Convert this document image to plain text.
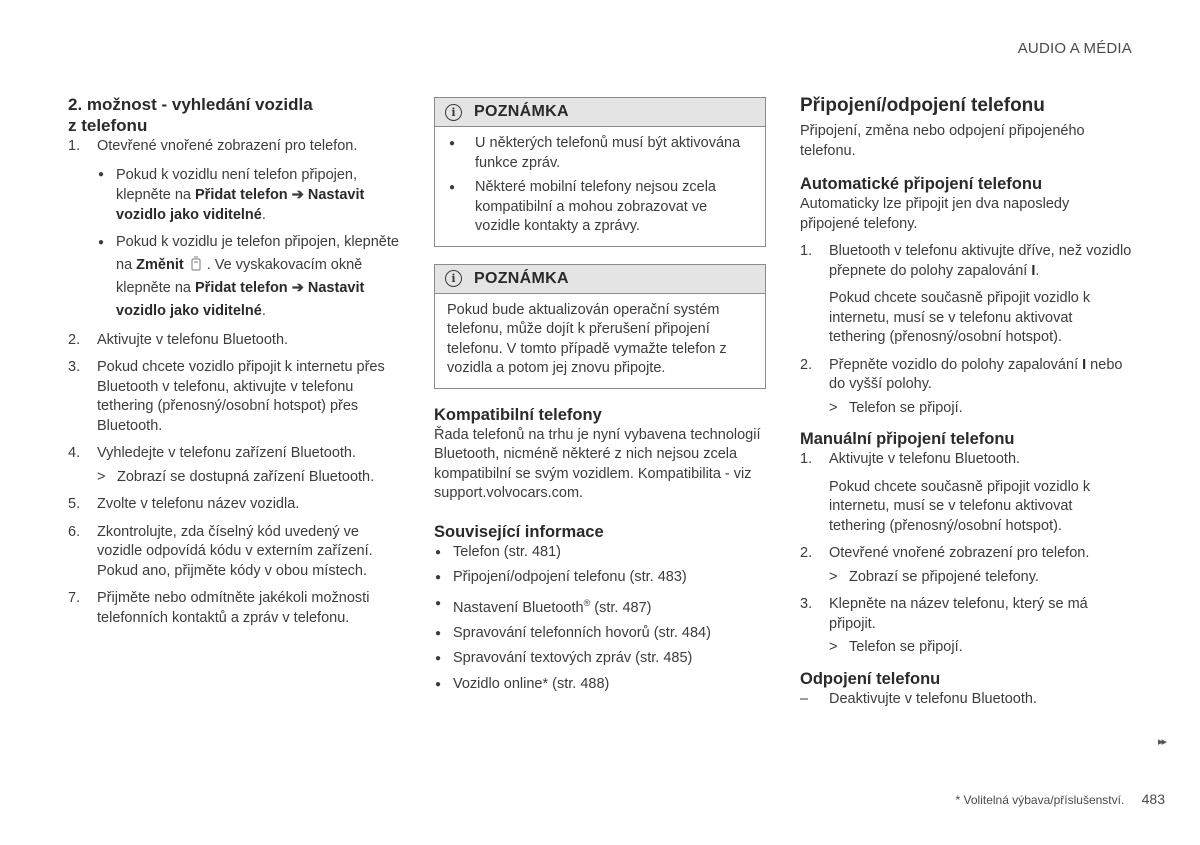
AUDIO A MÉDIA
2. možnost - vyhledání vozidla
z telefonu
1. Otevřené vnořené zobrazení pro telefon.
● Pokud k vozidlu není telefon připojen, klepněte na Přidat telefon ➔ Nastavit vozidlo jako viditelné.
● Pokud k vozidlu je telefon připojen, klepněte na Změnit . Ve vyskakovacím okně klepněte na Přidat telefon ➔ Nastavit vozidlo jako viditelné.
2. Aktivujte v telefonu Bluetooth.
3. Pokud chcete vozidlo připojit k internetu přes Bluetooth v telefonu, aktivujte v telefonu tethering (přenosný/osobní hotspot) přes Bluetooth.
4. Vyhledejte v telefonu zařízení Bluetooth.
> Zobrazí se dostupná zařízení Bluetooth.
5. Zvolte v telefonu název vozidla.
6. Zkontrolujte, zda číselný kód uvedený ve vozidle odpovídá kódu v externím zařízení. Pokud ano, přijměte kódy v obou místech.
7. Přijměte nebo odmítněte jakékoli možnosti telefonních kontaktů a zpráv v telefonu.
i	POZNÁMKA
● U některých telefonů musí být aktivována funkce zpráv.
● Některé mobilní telefony nejsou zcela kompatibilní a mohou zobrazovat ve vozidle kontakty a zprávy.
i	POZNÁMKA

Pokud bude aktualizován operační systém telefonu, může dojít k přerušení připojení telefonu. V tomto případě vymažte telefon z vozidla a potom jej znovu připojte.

Kompatibilní telefony

Řada telefonů na trhu je nyní vybavena technologií Bluetooth, nicméně některé z nich nejsou zcela kompatibilní se svým vozidlem. Kompatibilita - viz support.volvocars.com.

Související informace
● Telefon (str. 481)
● Připojení/odpojení telefonu (str. 483)
● Nastavení Bluetooth® (str. 487)
● Spravování telefonních hovorů (str. 484)
● Spravování textových zpráv (str. 485)
● Vozidlo online* (str. 488)
Připojení/odpojení telefonu

Připojení, změna nebo odpojení připojeného telefonu.

Automatické připojení telefonu

Automaticky lze připojit jen dva naposledy připojené telefony.

1. Bluetooth v telefonu aktivujte dříve, než vozidlo přepnete do polohy zapalování I.

Pokud chcete současně připojit vozidlo k internetu, musí se v telefonu aktivovat tethering (přenosný/osobní hotspot).

2. Přepněte vozidlo do polohy zapalování I nebo do vyšší polohy.
> Telefon se připojí.
Manuální připojení telefonu
1. Aktivujte v telefonu Bluetooth.

Pokud chcete současně připojit vozidlo k internetu, musí se v telefonu aktivovat tethering (přenosný/osobní hotspot).

2. Otevřené vnořené zobrazení pro telefon.
> Zobrazí se připojené telefony.
3. Klepněte na název telefonu, který se má připojit.
> Telefon se připojí.
Odpojení telefonu
– Deaktivujte v telefonu Bluetooth.
▸▸
* Volitelná výbava/příslušenství. 483
